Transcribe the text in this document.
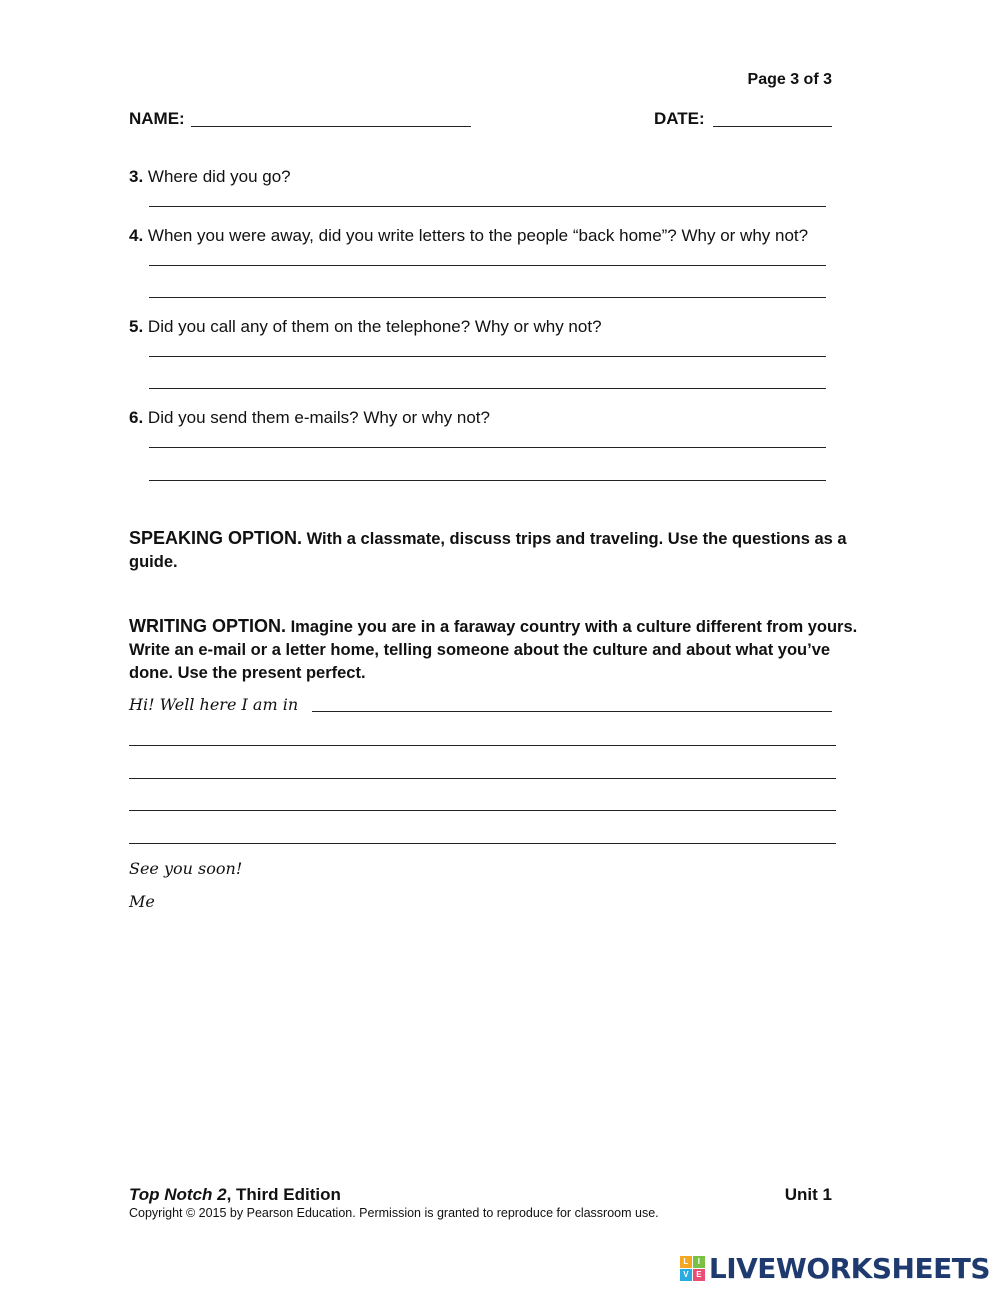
Page 3 of 3
NAME:	DATE:
3. Where did you go?
4. When you were away, did you write letters to the people “back home”? Why or why not?
5. Did you call any of them on the telephone? Why or why not?
6. Did you send them e-mails? Why or why not?
SPEAKING OPTION. With a classmate, discuss trips and traveling. Use the questions as a guide.
WRITING OPTION. Imagine you are in a faraway country with a culture different from yours. Write an e-mail or a letter home, telling someone about the culture and about what you’ve done. Use the present perfect.
Hi! Well here I am in
See you soon!
Me
Top Notch 2, Third Edition	Unit 1
Copyright © 2015 by Pearson Education. Permission is granted to reproduce for classroom use.
L	I
V E LIVEWORKSHEETS
